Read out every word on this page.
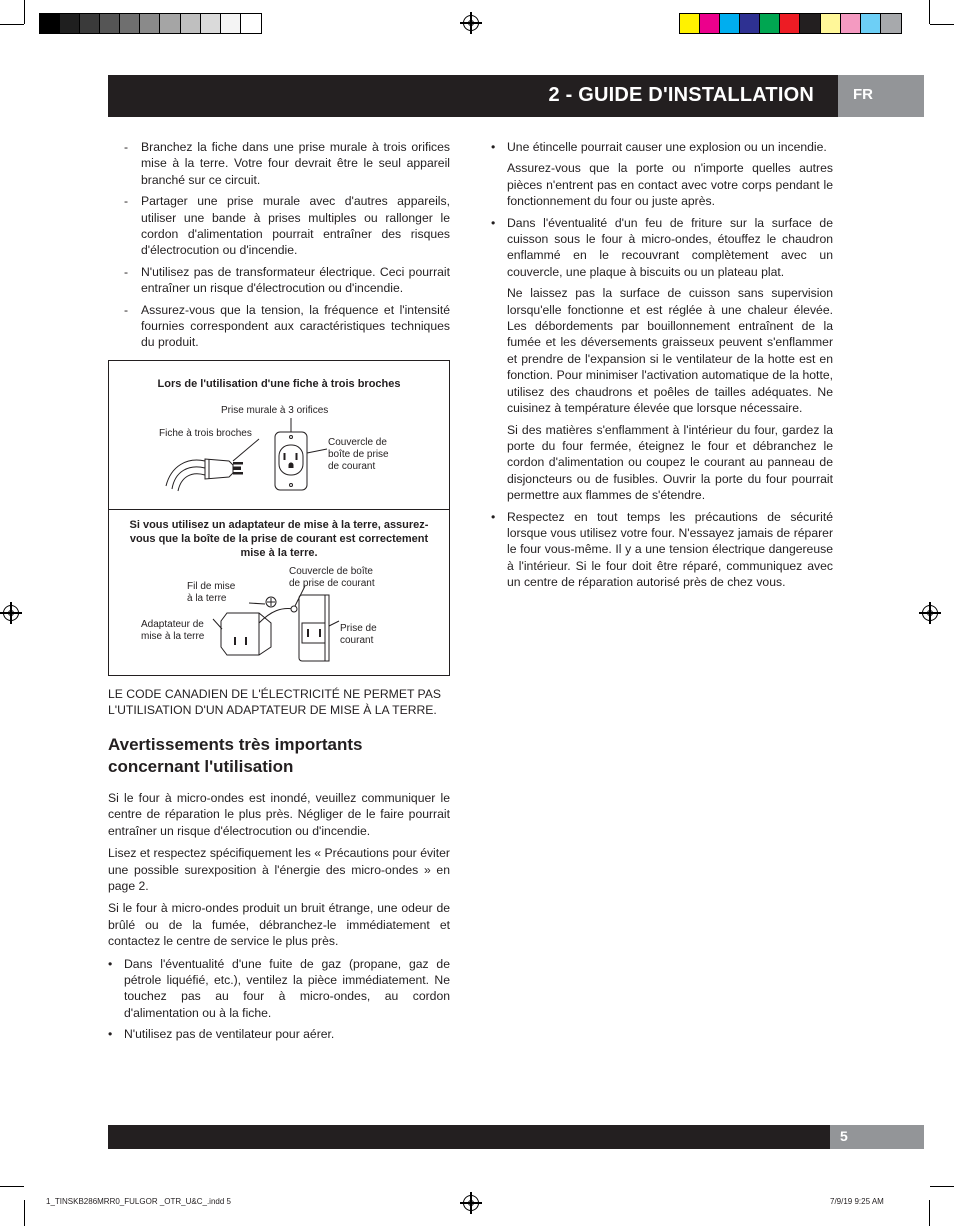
2 - GUIDE D'INSTALLATION	FR
- Branchez la fiche dans une prise murale à trois orifices mise à la terre. Votre four devrait être le seul appareil branché sur ce circuit.
- Partager une prise murale avec d'autres appareils, utiliser une bande à prises multiples ou rallonger le cordon d'alimentation pourrait entraîner des risques d'électrocution ou d'incendie.
- N'utilisez pas de transformateur électrique. Ceci pourrait entraîner un risque d'électrocution ou d'incendie.
- Assurez-vous que la tension, la fréquence et l'intensité fournies correspondent aux caractéristiques techniques du produit.
Lors de l'utilisation d'une fiche à trois broches
Prise murale à 3 orifices
Fiche à trois broches
Couvercle de
boîte de prise
de courant
Si vous utilisez un adaptateur de mise à la terre, assurez-vous que la boîte de la prise de courant est correctement mise à la terre.
Fil de mise
à la terre
Couvercle de boîte
de prise de courant
Adaptateur de
mise à la terre
Prise de
courant
LE CODE CANADIEN DE L'ÉLECTRICITÉ NE PERMET PAS L'UTILISATION D'UN ADAPTATEUR DE MISE À LA TERRE.
Avertissements très importants concernant l'utilisation

Si le four à micro-ondes est inondé, veuillez communiquer le centre de réparation le plus près. Négliger de le faire pourrait entraîner un risque d'électrocution ou d'incendie.

Lisez et respectez spécifiquement les « Précautions pour éviter une possible surexposition à l'énergie des micro-ondes » en page 2.

Si le four à micro-ondes produit un bruit étrange, une odeur de brûlé ou de la fumée, débranchez-le immédiatement et contactez le centre de service le plus près.

• Dans l'éventualité d'une fuite de gaz (propane, gaz de pétrole liquéfié, etc.), ventilez la pièce immédiatement. Ne touchez pas au four à micro-ondes, au cordon d'alimentation ou à la fiche.
• N'utilisez pas de ventilateur pour aérer.
• Une étincelle pourrait causer une explosion ou un incendie.
Assurez-vous que la porte ou n'importe quelles autres pièces n'entrent pas en contact avec votre corps pendant le fonctionnement du four ou juste après.
• Dans l'éventualité d'un feu de friture sur la surface de cuisson sous le four à micro-ondes, étouffez le chaudron enflammé en le recouvrant complètement avec un couvercle, une plaque à biscuits ou un plateau plat.
Ne laissez pas la surface de cuisson sans supervision lorsqu'elle fonctionne et est réglée à une chaleur élevée. Les débordements par bouillonnement entraînent de la fumée et les déversements graisseux peuvent s'enflammer et prendre de l'expansion si le ventilateur de la hotte est en fonction. Pour minimiser l'activation automatique de la hotte, utilisez des chaudrons et poêles de tailles adéquates. Ne cuisinez à température élevée que lorsque nécessaire.
Si des matières s'enflamment à l'intérieur du four, gardez la porte du four fermée, éteignez le four et débranchez le cordon d'alimentation ou coupez le courant au panneau de disjoncteurs ou de fusibles. Ouvrir la porte du four pourrait permettre aux flammes de s'étendre.
• Respectez en tout temps les précautions de sécurité lorsque vous utilisez votre four. N'essayez jamais de réparer le four vous-même. Il y a une tension électrique dangereuse à l'intérieur. Si le four doit être réparé, communiquez avec un centre de réparation autorisé près de chez vous.
5
1_TINSKB286MRR0_FULGOR _OTR_U&C_.indd 5	7/9/19 9:25 AM
